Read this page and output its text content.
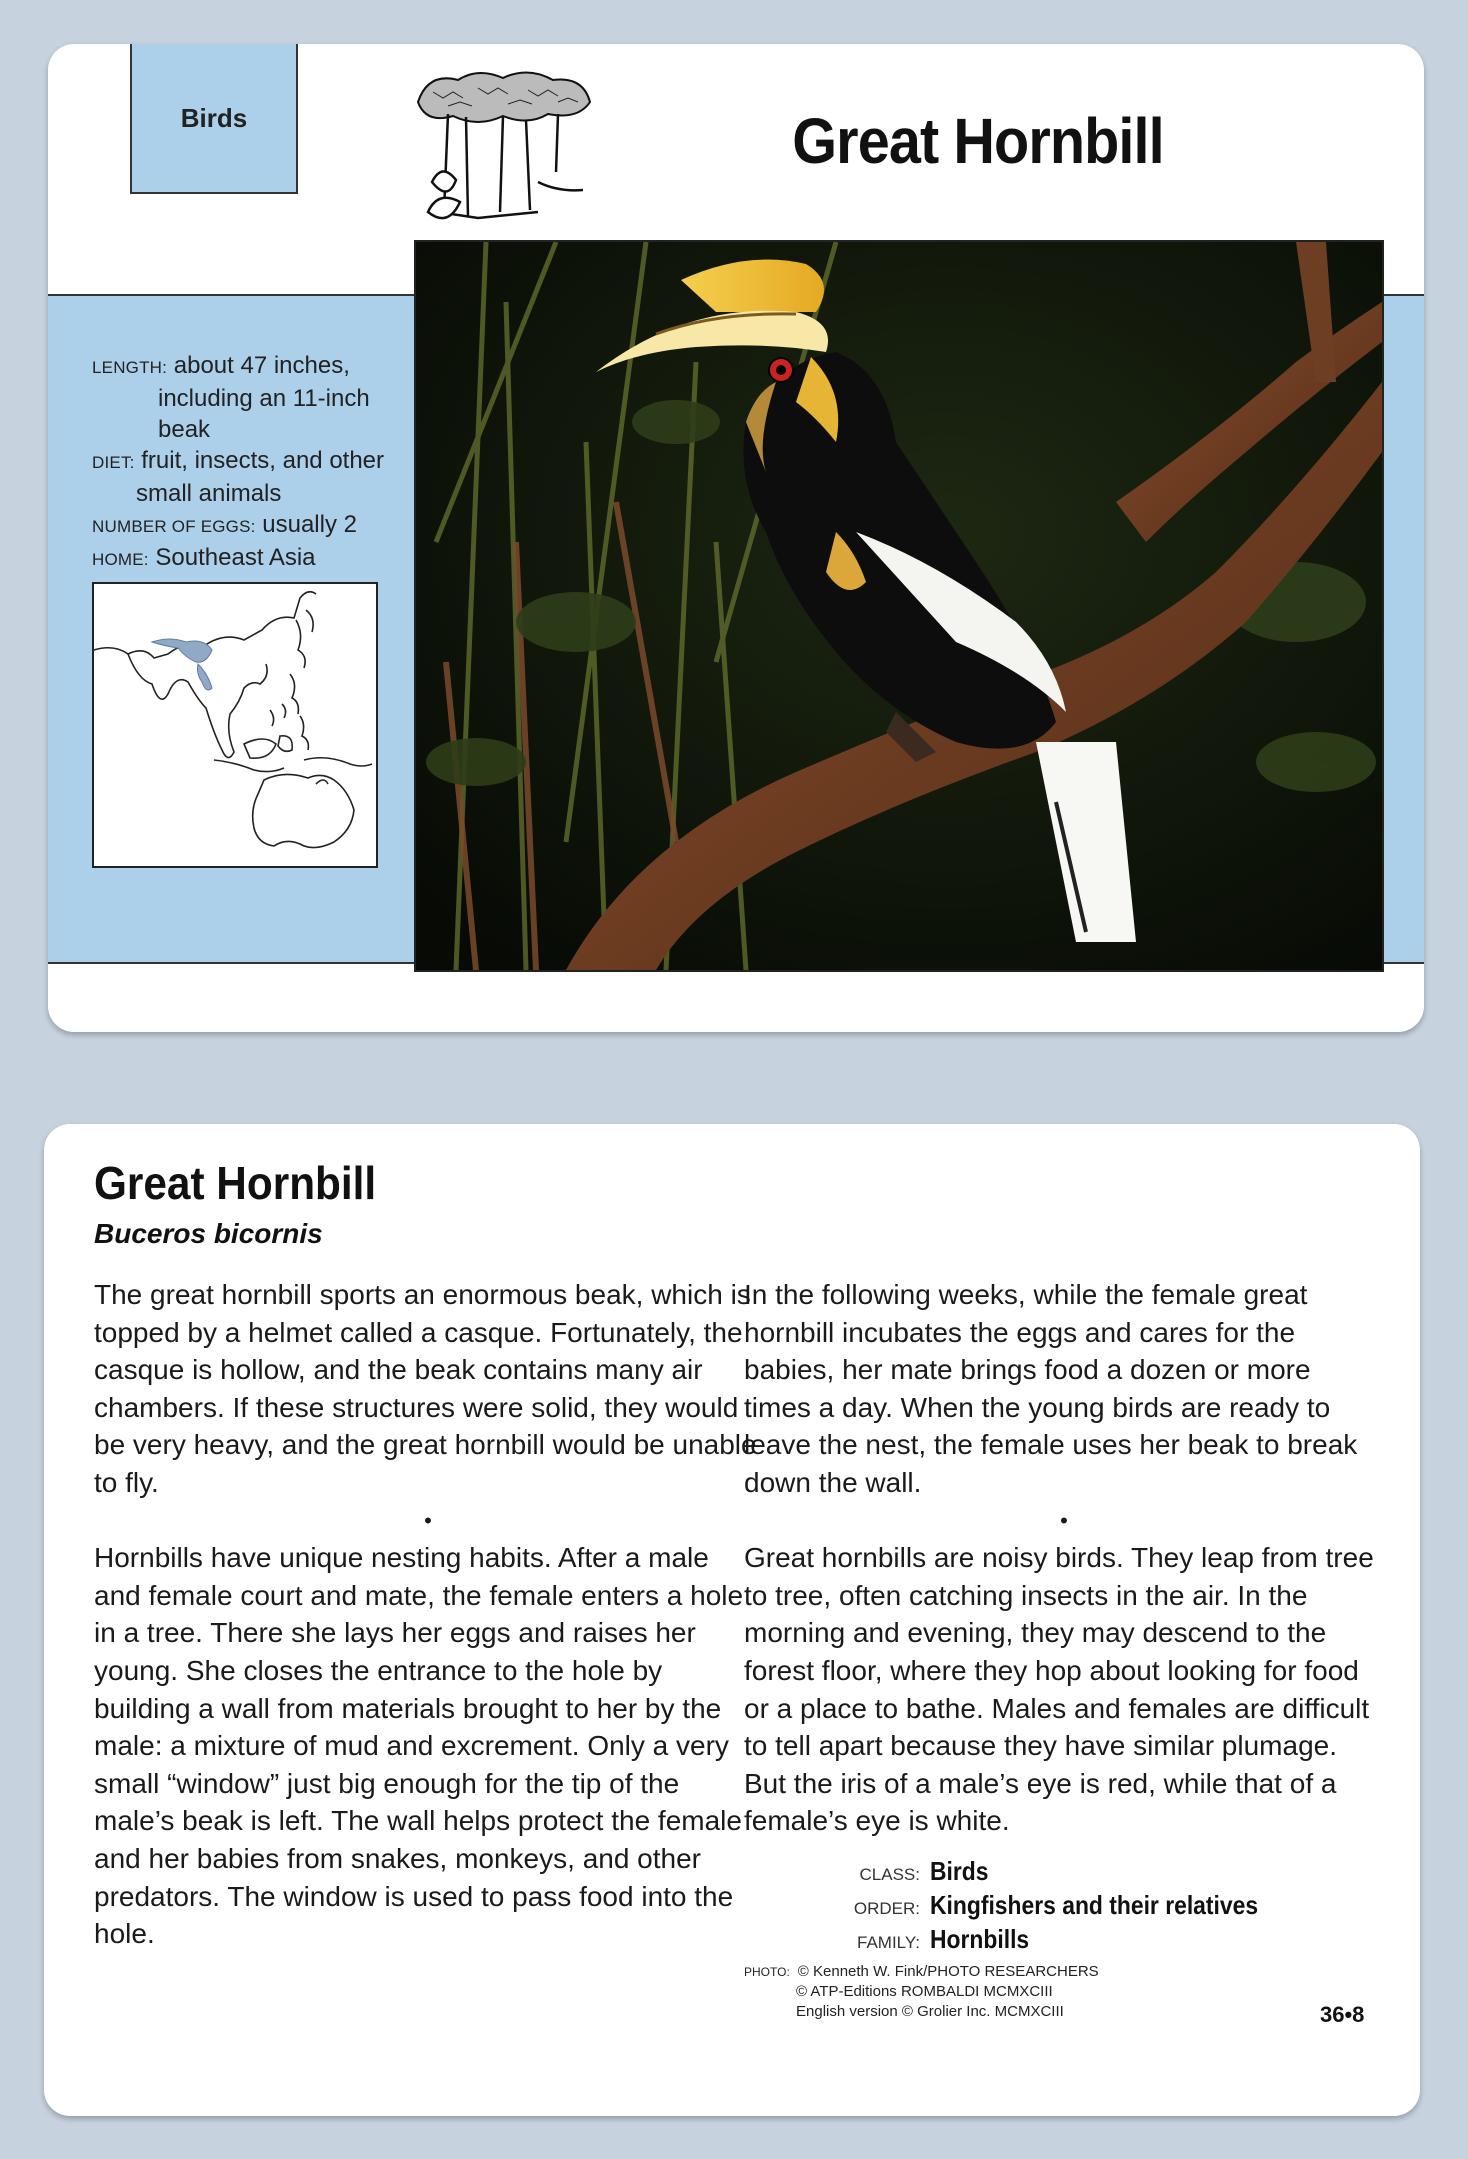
Birds	Great Hornbill
LENGTH: about 47 inches,
including an 11-inch
beak
DIET: fruit, insects, and other
small animals
NUMBER OF EGGS: usually 2
HOME: Southeast Asia
Great Hornbill
Buceros bicornis

The great hornbill sports an enormous beak, which is topped by a helmet called a casque. Fortunately, the casque is hollow, and the beak contains many air chambers. If these structures were solid, they would be very heavy, and the great hornbill would be unable to fly.

•

Hornbills have unique nesting habits. After a male and female court and mate, the female enters a hole in a tree. There she lays her eggs and raises her young. She closes the entrance to the hole by building a wall from materials brought to her by the male: a mixture of mud and excrement. Only a very small “window” just big enough for the tip of the male’s beak is left. The wall helps protect the female and her babies from snakes, monkeys, and other predators. The window is used to pass food into the hole.

In the following weeks, while the female great hornbill incubates the eggs and cares for the babies, her mate brings food a dozen or more times a day. When the young birds are ready to leave the nest, the female uses her beak to break down the wall.

•

Great hornbills are noisy birds. They leap from tree to tree, often catching insects in the air. In the morning and evening, they may descend to the forest floor, where they hop about looking for food or a place to bathe. Males and females are difficult to tell apart because they have similar plumage. But the iris of a male’s eye is red, while that of a female’s eye is white.

CLASS: Birds
ORDER: Kingfishers and their relatives
FAMILY: Hornbills
PHOTO: © Kenneth W. Fink/PHOTO RESEARCHERS
© ATP-Editions ROMBALDI MCMXCIII
English version © Grolier Inc. MCMXCIII	36•8
